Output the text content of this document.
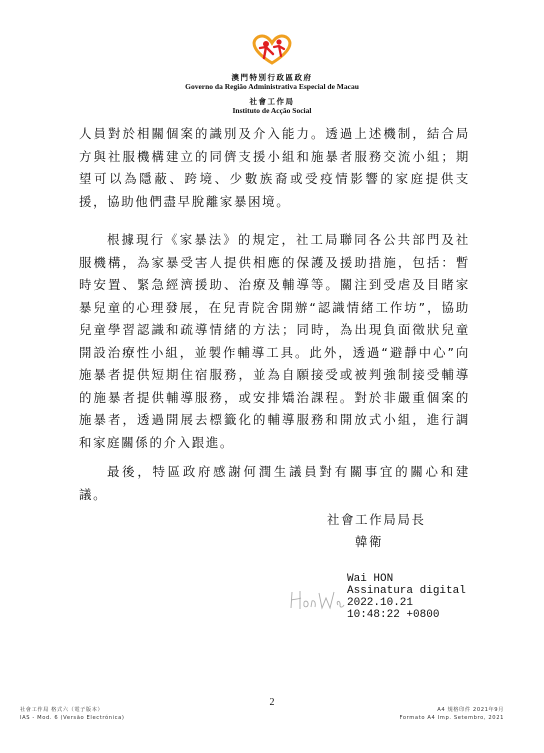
澳門特別行政區政府
Governo da Região Administrativa Especial de Macau
社會工作局
Instituto de Acção Social

人員對於相關個案的識別及介入能力。透過上述機制，結合局方與社服機構建立的同儕支援小組和施暴者服務交流小組；期望可以為隱蔽、跨境、少數族裔或受疫情影響的家庭提供支援，協助他們盡早脫離家暴困境。

根據現行《家暴法》的規定，社工局聯同各公共部門及社服機構，為家暴受害人提供相應的保護及援助措施，包括：暫時安置、緊急經濟援助、治療及輔導等。關注到受虐及目睹家暴兒童的心理發展，在兒青院舍開辦“認識情緒工作坊”，協助兒童學習認識和疏導情緒的方法；同時，為出現負面徵狀兒童開設治療性小組，並製作輔導工具。此外，透過“避靜中心”向施暴者提供短期住宿服務，並為自願接受或被判強制接受輔導的施暴者提供輔導服務，或安排矯治課程。對於非嚴重個案的施暴者，透過開展去標籤化的輔導服務和開放式小組，進行調和家庭關係的介入跟進。

最後，特區政府感謝何潤生議員對有關事宜的關心和建議。

社會工作局局長
韓衛
Wai HON
Assinatura digital
2022.10.21
10:48:22 +0800
2
社會工作局 格式六（電子版本）
IAS - Mod. 6 (Versão Electrónica)
A4 規格印件 2021年9月
Formato A4 Imp. Setembro, 2021
